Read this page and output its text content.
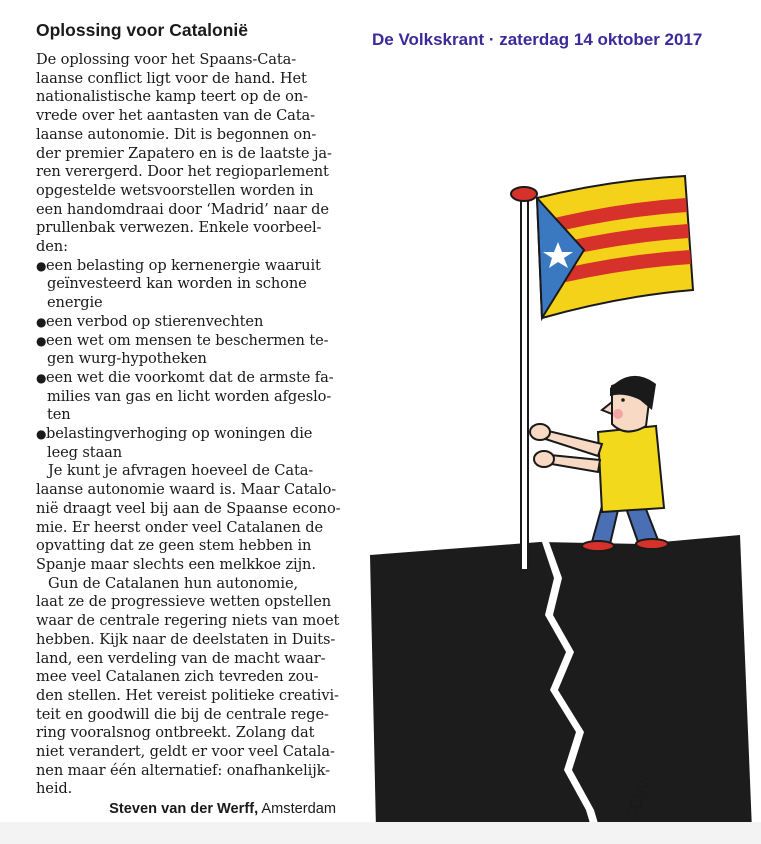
De Volkskrant · zaterdag 14 oktober 2017
Oplossing voor Catalonië
De oplossing voor het Spaans-Cata-
laanse conflict ligt voor de hand. Het
nationalistische kamp teert op de on-
vrede over het aantasten van de Cata-
laanse autonomie. Dit is begonnen on-
der premier Zapatero en is de laatste ja-
ren verergerd. Door het regioparlement
opgestelde wetsvoorstellen worden in
een handomdraai door ‘Madrid’ naar de
prullenbak verwezen. Enkele voorbeel-
den:
●een belasting op kernenergie waaruit
geïnvesteerd kan worden in schone
energie
●een verbod op stierenvechten
●een wet om mensen te beschermen te-
gen wurg-hypotheken
●een wet die voorkomt dat de armste fa-
milies van gas en licht worden afgeslo-
ten
●belastingverhoging op woningen die
leeg staan
Je kunt je afvragen hoeveel de Cata-
laanse autonomie waard is. Maar Catalo-
nië draagt veel bij aan de Spaanse econo-
mie. Er heerst onder veel Catalanen de
opvatting dat ze geen stem hebben in
Spanje maar slechts een melkkoe zijn.
Gun de Catalanen hun autonomie,
laat ze de progressieve wetten opstellen
waar de centrale regering niets van moet
hebben. Kijk naar de deelstaten in Duits-
land, een verdeling van de macht waar-
mee veel Catalanen zich tevreden zou-
den stellen. Het vereist politieke creativi-
teit en goodwill die bij de centrale rege-
ring vooralsnog ontbreekt. Zolang dat
niet verandert, geldt er voor veel Catala-
nen maar één alternatief: onafhankelijk-
heid.
Steven van der Werff, Amsterdam	SCHot
